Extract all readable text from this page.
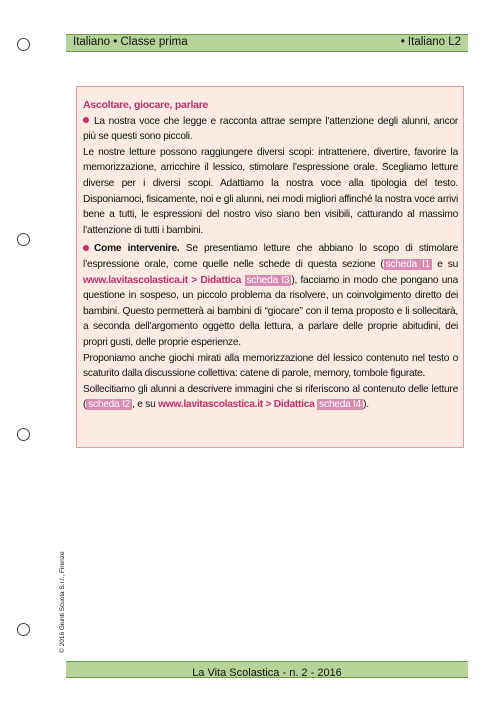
Italiano • Classe prima	• Italiano L2

Ascoltare, giocare, parlare

La nostra voce che legge e racconta attrae sempre l’attenzione degli alunni, ancor più se questi sono piccoli.

Le nostre letture possono raggiungere diversi scopi: intrattenere, divertire, favorire la memorizzazione, arricchire il lessico, stimolare l’espressione orale. Scegliamo letture diverse per i diversi scopi. Adattiamo la nostra voce alla tipologia del testo. Disponiamoci, fisicamente, noi e gli alunni, nei modi migliori affinché la nostra voce arrivi bene a tutti, le espressioni del nostro viso siano ben visibili, catturando al massimo l’attenzione di tutti i bambini.

Come intervenire. Se presentiamo letture che abbiano lo scopo di stimolare l’espressione orale, come quelle nelle schede di questa sezione ( scheda I1 e su www.lavitascolastica.it > Didattica scheda I3 ), facciamo in modo che pongano una questione in sospeso, un piccolo problema da risolvere, un coinvolgimento diretto dei bambini. Questo permetterà ai bambini di “giocare” con il tema proposto e li sollecitarà, a seconda dell’argomento oggetto della lettura, a parlare delle proprie abitudini, dei propri gusti, delle proprie esperienze.

Proponiamo anche giochi mirati alla memorizzazione del lessico contenuto nel testo o scaturito dalla discussione collettiva: catene di parole, memory, tombole figurate.

Sollecitiamo gli alunni a descrivere immagini che si riferiscono al contenuto delle letture ( scheda I2 , e su www.lavitascolastica.it > Didattica scheda I4 ).

© 2016 Giunti Scuola S.r.l., Firenze
La Vita Scolastica - n. 2 - 2016
